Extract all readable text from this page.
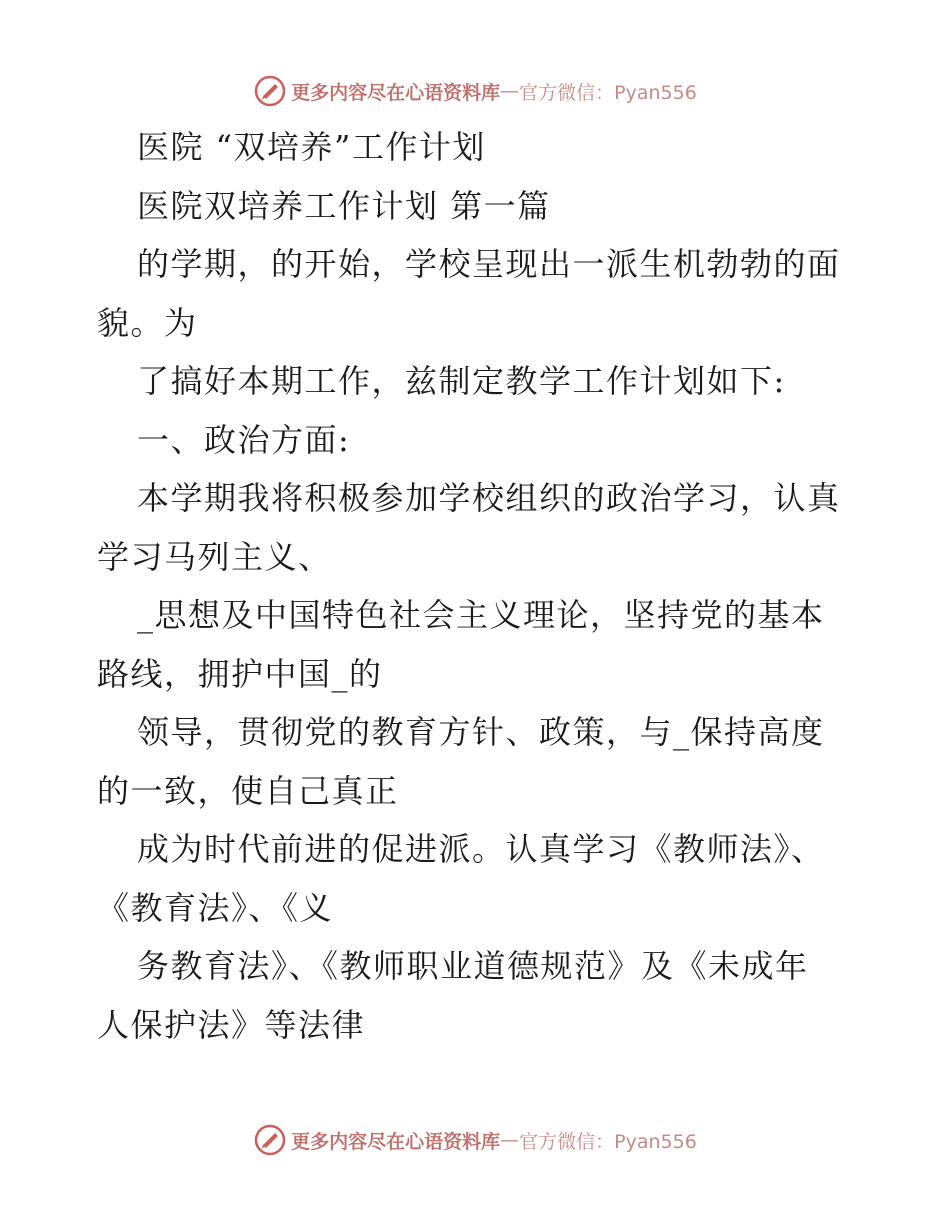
更多内容尽在心语资料库 — 官方微信：Pyan556
医院 “双培养”工作计划
医院双培养工作计划 第一篇
的学期，的开始，学校呈现出一派生机勃勃的面
貌。为
了搞好本期工作，兹制定教学工作计划如下:
一、政治方面:
本学期我将积极参加学校组织的政治学习，认真
学习马列主义、
_思想及中国特色社会主义理论，坚持党的基本
路线，拥护中国_的
领导，贯彻党的教育方针、政策，与_保持高度
的一致，使自己真正
成为时代前进的促进派。认真学习《教师法》、
《教育法》、《义
务教育法》、《教师职业道德规范》及《未成年
人保护法》等法律
更多内容尽在心语资料库 — 官方微信：Pyan556
